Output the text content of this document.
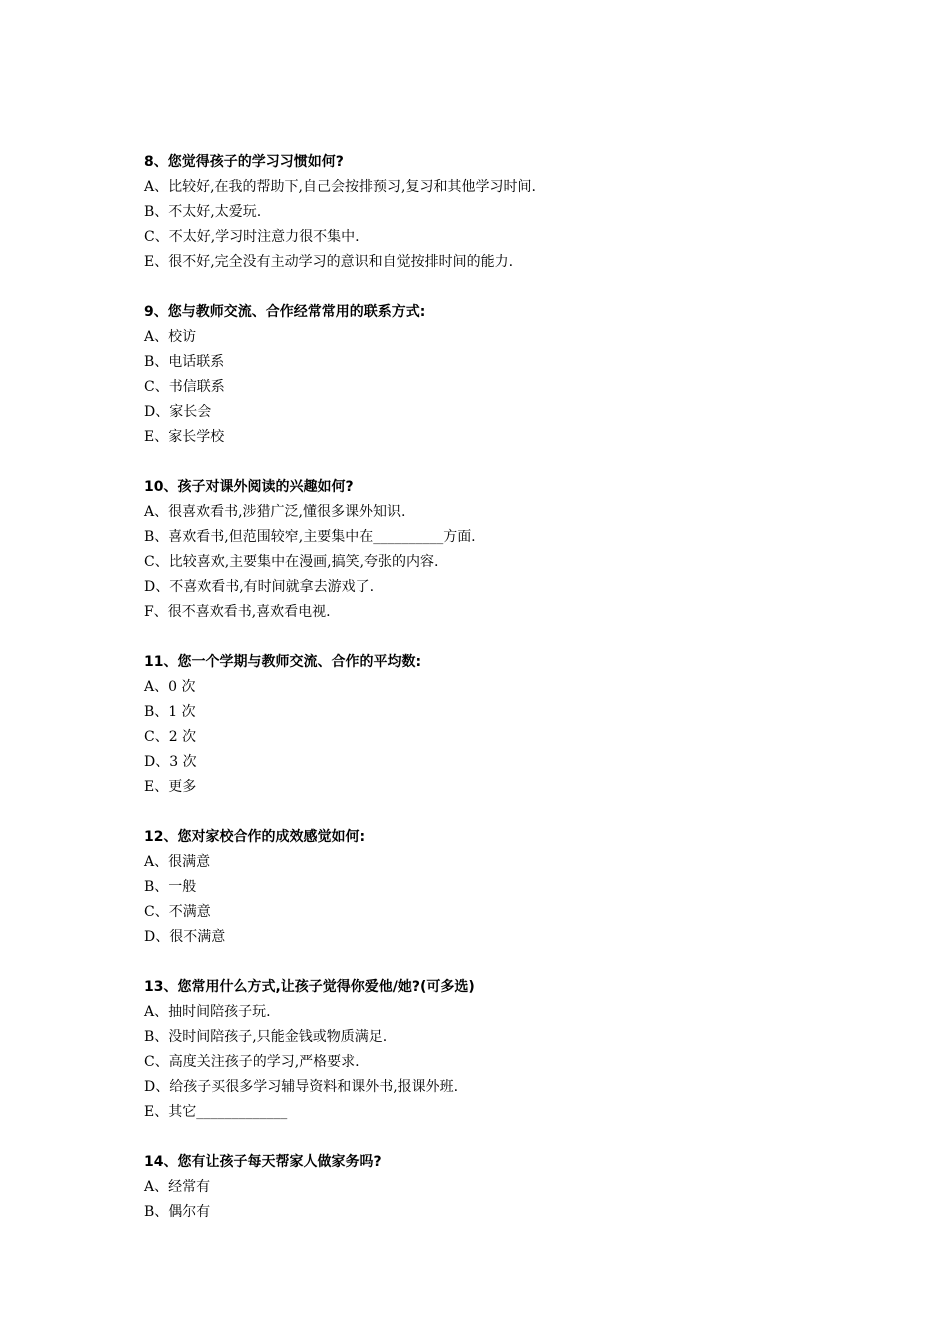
8、您觉得孩子的学习习惯如何?
A、比较好,在我的帮助下,自己会按排预习,复习和其他学习时间.
B、不太好,太爱玩.
C、不太好,学习时注意力很不集中.
E、很不好,完全没有主动学习的意识和自觉按排时间的能力.
9、您与教师交流、合作经常常用的联系方式:
A、校访
B、电话联系
C、书信联系
D、家长会
E、家长学校
10、孩子对课外阅读的兴趣如何?
A、很喜欢看书,涉猎广泛,懂很多课外知识.
B、喜欢看书,但范围较窄,主要集中在__________方面.
C、比较喜欢,主要集中在漫画,搞笑,夸张的内容.
D、不喜欢看书,有时间就拿去游戏了.
F、很不喜欢看书,喜欢看电视.
11、您一个学期与教师交流、合作的平均数:
A、0 次
B、1 次
C、2 次
D、3 次
E、更多
12、您对家校合作的成效感觉如何:
A、很满意
B、一般
C、不满意
D、很不满意
13、您常用什么方式,让孩子觉得你爱他/她?(可多选)
A、抽时间陪孩子玩.
B、没时间陪孩子,只能金钱或物质满足.
C、高度关注孩子的学习,严格要求.
D、给孩子买很多学习辅导资料和课外书,报课外班.
E、其它_____________
14、您有让孩子每天帮家人做家务吗?
A、经常有
B、偶尔有
